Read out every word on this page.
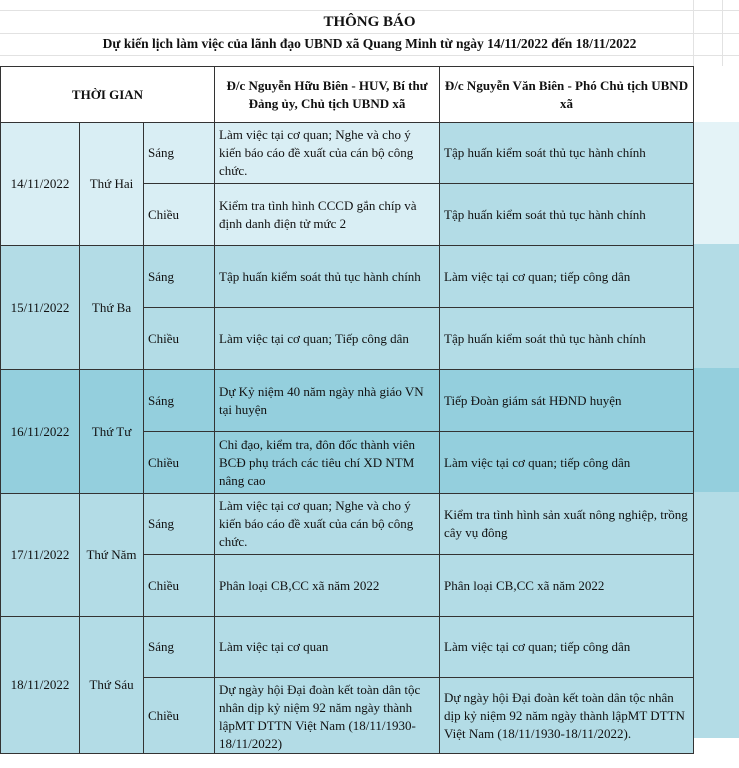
THÔNG BÁO
Dự kiến lịch làm việc của lãnh đạo UBND xã Quang Minh từ ngày 14/11/2022 đến 18/11/2022
THỜI GIAN			Đ/c Nguyễn Hữu Biên - HUV, Bí thư Đảng ủy, Chủ tịch UBND xã	Đ/c Nguyễn Văn Biên - Phó Chủ tịch UBND xã
14/11/2022	Thứ Hai	Sáng	Làm việc tại cơ quan; Nghe và cho ý kiến báo cáo đề xuất của cán bộ công chức.	Tập huấn kiểm soát thủ tục hành chính
		Chiều	Kiểm tra tình hình CCCD gắn chíp và định danh điện tử mức 2	Tập huấn kiểm soát thủ tục hành chính
15/11/2022	Thứ Ba	Sáng	Tập huấn kiểm soát thủ tục hành chính	Làm việc tại cơ quan; tiếp công dân
		Chiều	Làm việc tại cơ quan; Tiếp công dân	Tập huấn kiểm soát thủ tục hành chính
16/11/2022	Thứ Tư	Sáng	Dự Kỷ niệm 40 năm ngày nhà giáo VN tại huyện	Tiếp Đoàn giám sát HĐND huyện
		Chiều	Chỉ đạo, kiểm tra, đôn đốc thành viên BCĐ phụ trách các tiêu chí XD NTM nâng cao	Làm việc tại cơ quan; tiếp công dân
17/11/2022	Thứ Năm	Sáng	Làm việc tại cơ quan; Nghe và cho ý kiến báo cáo đề xuất của cán bộ công chức.	Kiểm tra tình hình sản xuất nông nghiệp, trồng cây vụ đông
		Chiều	Phân loại CB,CC xã năm 2022	Phân loại CB,CC xã năm 2022
18/11/2022	Thứ Sáu	Sáng	Làm việc tại cơ quan	Làm việc tại cơ quan; tiếp công dân
		Chiều	Dự ngày hội Đại đoàn kết toàn dân tộc nhân dịp kỷ niệm 92 năm ngày thành lậpMT DTTN Việt Nam (18/11/1930-18/11/2022)	Dự ngày hội Đại đoàn kết toàn dân tộc nhân dịp kỷ niệm 92 năm ngày thành lậpMT DTTN Việt Nam (18/11/1930-18/11/2022).
